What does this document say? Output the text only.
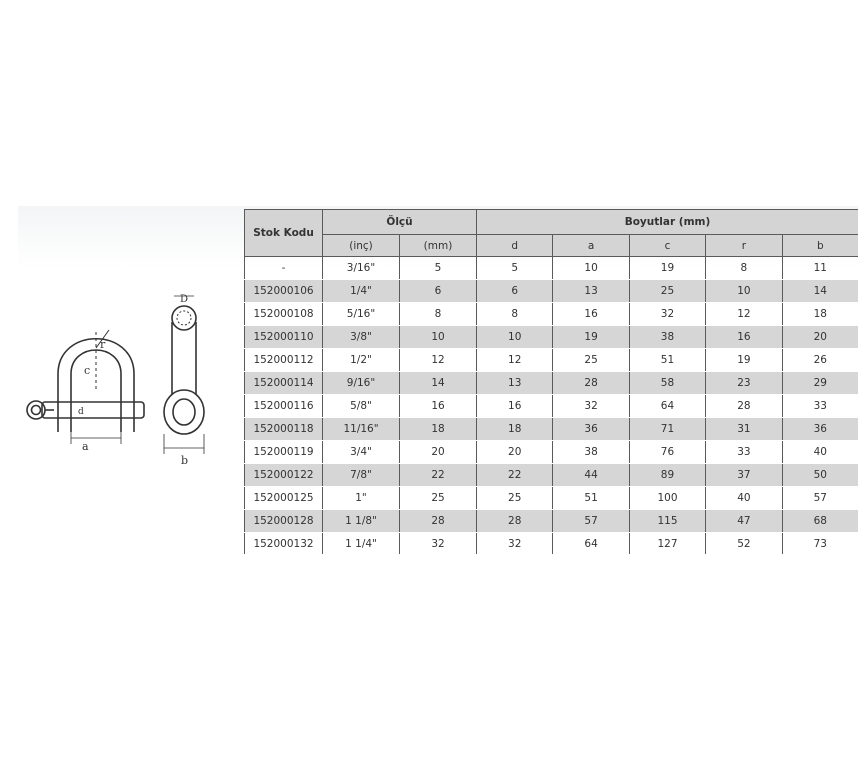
r
c
d
a
D
b
Stok Kodu	Ölçü		Boyutlar (mm)				
	(inç)	(mm)	d	a	c	r	b
-	3/16"	5	5	10	19	8	11
152000106	1/4"	6	6	13	25	10	14
152000108	5/16"	8	8	16	32	12	18
152000110	3/8"	10	10	19	38	16	20
152000112	1/2"	12	12	25	51	19	26
152000114	9/16"	14	13	28	58	23	29
152000116	5/8"	16	16	32	64	28	33
152000118	11/16"	18	18	36	71	31	36
152000119	3/4"	20	20	38	76	33	40
152000122	7/8"	22	22	44	89	37	50
152000125	1"	25	25	51	100	40	57
152000128	1 1/8"	28	28	57	115	47	68
152000132	1 1/4"	32	32	64	127	52	73
